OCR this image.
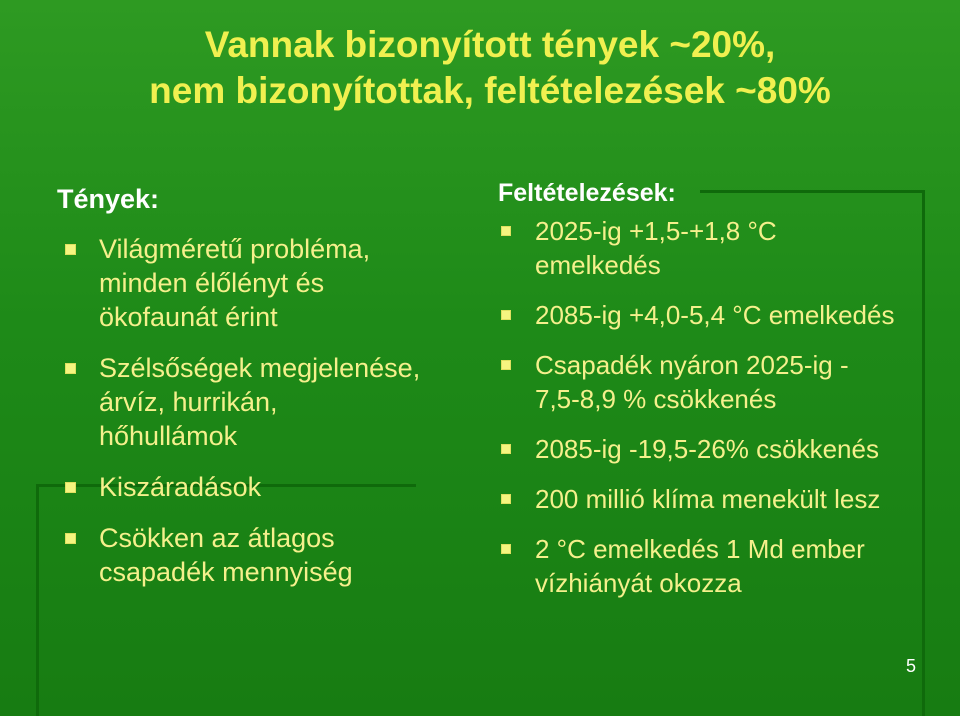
Vannak bizonyított tények ~20%,
nem bizonyítottak, feltételezések ~80%
Tények:
Világméretű probléma, minden élőlényt és ökofaunát érint
Szélsőségek megjelenése, árvíz, hurrikán, hőhullámok
Kiszáradások
Csökken az átlagos csapadék mennyiség
Feltételezések:
2025-ig +1,5-+1,8 °C emelkedés
2085-ig +4,0-5,4 °C emelkedés
Csapadék nyáron 2025-ig - 7,5-8,9 % csökkenés
2085-ig -19,5-26% csökkenés
200 millió klíma menekült lesz
2 °C emelkedés 1 Md ember vízhiányát okozza
5
